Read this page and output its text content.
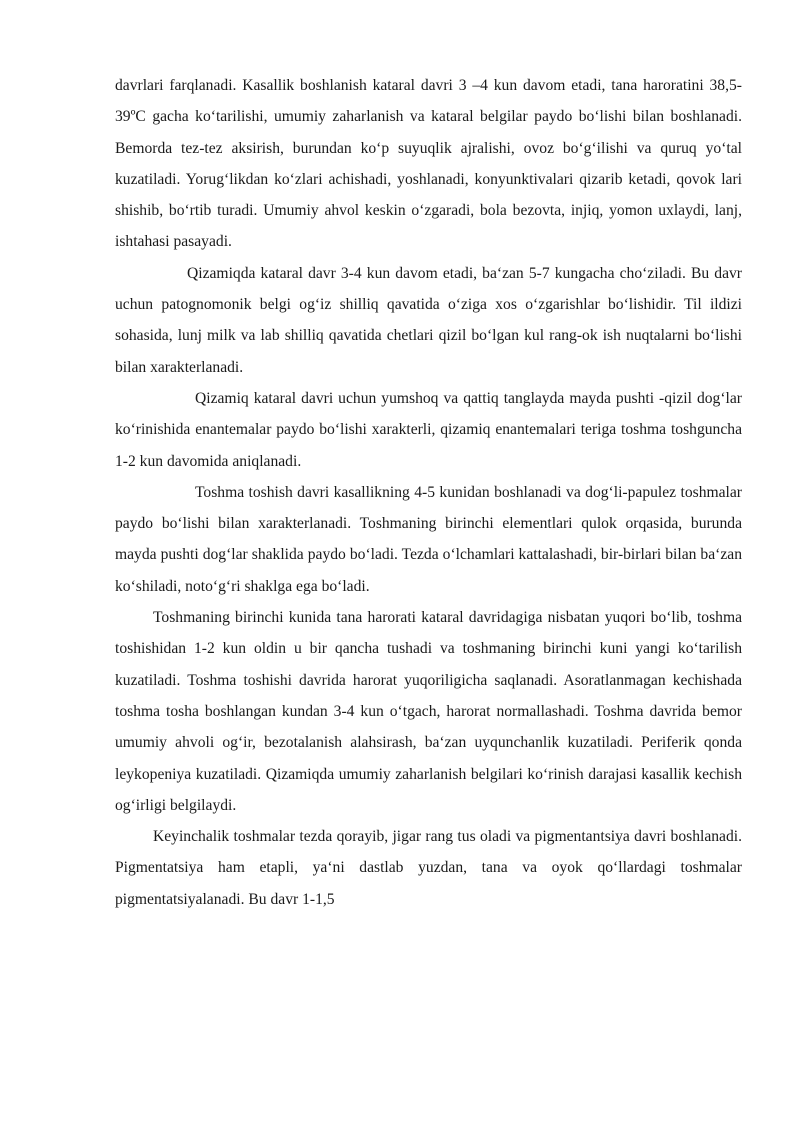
davrlari farqlanadi. Kasallik boshlanish kataral davri 3 –4 kun davom etadi, tana haroratini 38,5-39ºC gacha ko‘tarilishi, umumiy zaharlanish va kataral belgilar paydo bo‘lishi bilan boshlanadi. Bemorda tez-tez aksirish, burundan ko‘p suyuqlik ajralishi, ovoz bo‘g‘ilishi va quruq yo‘tal kuzatiladi. Yorug‘likdan ko‘zlari achishadi, yoshlanadi, konyunktivalari qizarib ketadi, qovok lari shishib, bo‘rtib turadi. Umumiy ahvol keskin o‘zgaradi, bola bezovta, injiq, yomon uxlaydi, lanj, ishtahasi pasayadi.

Qizamiqda kataral davr 3-4 kun davom etadi, ba‘zan 5-7 kungacha cho‘ziladi. Bu davr uchun patognomonik belgi og‘iz shilliq qavatida o‘ziga xos o‘zgarishlar bo‘lishidir. Til ildizi sohasida, lunj milk va lab shilliq qavatida chetlari qizil bo‘lgan kul rang-ok ish nuqtalarni bo‘lishi bilan xarakterlanadi.

Qizamiq kataral davri uchun yumshoq va qattiq tanglayda mayda pushti -qizil dog‘lar ko‘rinishida enantemalar paydo bo‘lishi xarakterli, qizamiq enantemalari teriga toshma toshguncha 1-2 kun davomida aniqlanadi.

Toshma toshish davri kasallikning 4-5 kunidan boshlanadi va dog‘li-papulez toshmalar paydo bo‘lishi bilan xarakterlanadi. Toshmaning birinchi elementlari qulok orqasida, burunda mayda pushti dog‘lar shaklida paydo bo‘ladi. Tezda o‘lchamlari kattalashadi, bir-birlari bilan ba‘zan ko‘shiladi, noto‘g‘ri shaklga ega bo‘ladi.

Toshmaning birinchi kunida tana harorati kataral davridagiga nisbatan yuqori bo‘lib, toshma toshishidan 1-2 kun oldin u bir qancha tushadi va toshmaning birinchi kuni yangi ko‘tarilish kuzatiladi. Toshma toshishi davrida harorat yuqoriligicha saqlanadi. Asoratlanmagan kechishada toshma tosha boshlangan kundan 3-4 kun o‘tgach, harorat normallashadi. Toshma davrida bemor umumiy ahvoli og‘ir, bezotalanish alahsirash, ba‘zan uyqunchanlik kuzatiladi. Periferik qonda leykopeniya kuzatiladi. Qizamiqda umumiy zaharlanish belgilari ko‘rinish darajasi kasallik kechish og‘irligi belgilaydi.

Keyinchalik toshmalar tezda qorayib, jigar rang tus oladi va pigmentantsiya davri boshlanadi. Pigmentatsiya ham etapli, ya‘ni dastlab yuzdan, tana va oyok qo‘llardagi toshmalar pigmentatsiyalanadi. Bu davr 1-1,5
